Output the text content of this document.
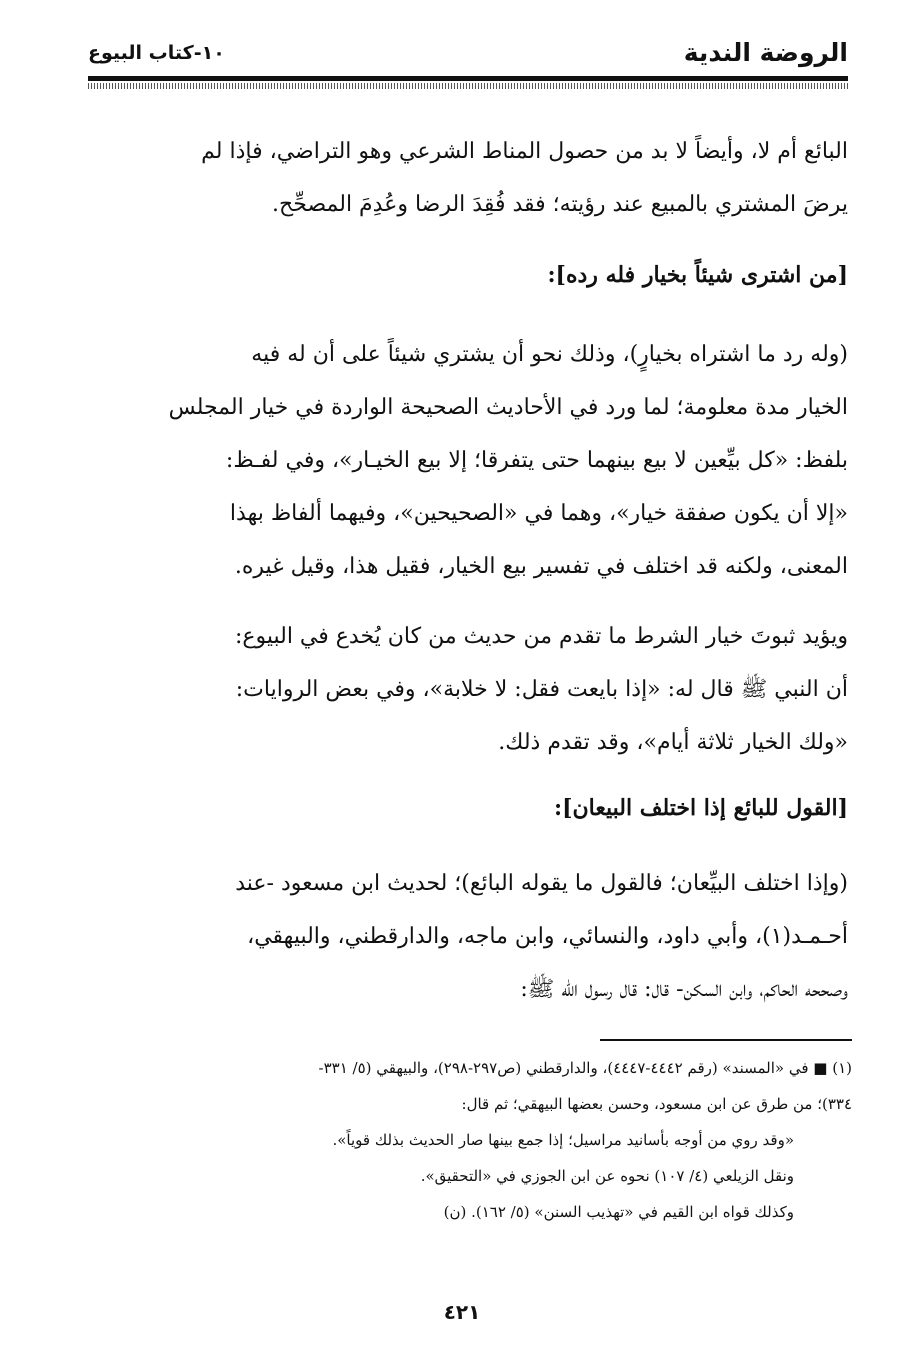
الروضة الندية
١٠-كتاب البيوع
البائع أم لا، وأيضاً لا بد من حصول المناط الشرعي وهو التراضي، فإذا لم
يرضَ المشتري بالمبيع عند رؤيته؛ فقد فُقِدَ الرضا وعُدِمَ المصحِّح.
[من اشترى شيئاً بخيار فله رده]:
(وله رد ما اشتراه بخيارٍ)، وذلك نحو أن يشتري شيئاً على أن له فيه
الخيار مدة معلومة؛ لما ورد في الأحاديث الصحيحة الواردة في خيار المجلس
بلفظ: «كل بيِّعين لا بيع بينهما حتى يتفرقا؛ إلا بيع الخيـار»، وفي لفـظ:
«إلا أن يكون صفقة خيار»، وهما في «الصحيحين»، وفيهما ألفاظ بهذا
المعنى، ولكنه قد اختلف في تفسير بيع الخيار، فقيل هذا، وقيل غيره.
ويؤيد ثبوتَ خيار الشرط ما تقدم من حديث من كان يُخدع في البيوع:
أن النبي ﷺ قال له: «إذا بايعت فقل: لا خلابة»، وفي بعض الروايات:
«ولك الخيار ثلاثة أيام»، وقد تقدم ذلك.
[القول للبائع إذا اختلف البيعان]:
(وإذا اختلف البيِّعان؛ فالقول ما يقوله البائع)؛ لحديث ابن مسعود -عند
أحـمـد(١)، وأبي داود، والنسائي، وابن ماجه، والدارقطني، والبيهقي،
وصححه الحاكم، وابن السكن- قال: قال رسول الله ﷺ:
(١) ■ في «المسند» (رقم ٤٤٤٢-٤٤٤٧)، والدارقطني (ص٢٩٧-٢٩٨)، والبيهقي (٥/ ٣٣١-
٣٣٤)؛ من طرق عن ابن مسعود، وحسن بعضها البيهقي؛ ثم قال:
«وقد روي من أوجه بأسانيد مراسيل؛ إذا جمع بينها صار الحديث بذلك قوياً».
ونقل الزيلعي (٤/ ١٠٧) نحوه عن ابن الجوزي في «التحقيق».
وكذلك قواه ابن القيم في «تهذيب السنن» (٥/ ١٦٢). (ن)
٤٢١
